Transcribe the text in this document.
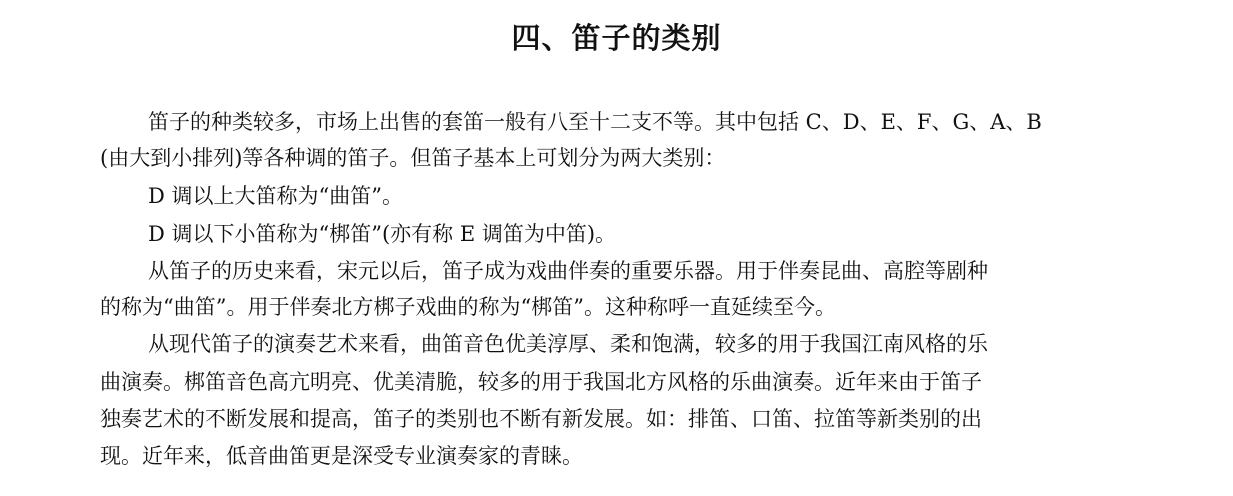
四、笛子的类别

笛子的种类较多，市场上出售的套笛一般有八至十二支不等。其中包括 C、D、E、F、G、A、B

(由大到小排列)等各种调的笛子。但笛子基本上可划分为两大类别：

D 调以上大笛称为“曲笛”。

D 调以下小笛称为“梆笛”(亦有称 E 调笛为中笛)。

从笛子的历史来看，宋元以后，笛子成为戏曲伴奏的重要乐器。用于伴奏昆曲、高腔等剧种

的称为“曲笛”。用于伴奏北方梆子戏曲的称为“梆笛”。这种称呼一直延续至今。

从现代笛子的演奏艺术来看，曲笛音色优美淳厚、柔和饱满，较多的用于我国江南风格的乐

曲演奏。梆笛音色高亢明亮、优美清脆，较多的用于我国北方风格的乐曲演奏。近年来由于笛子

独奏艺术的不断发展和提高，笛子的类别也不断有新发展。如：排笛、口笛、拉笛等新类别的出

现。近年来，低音曲笛更是深受专业演奏家的青睐。
